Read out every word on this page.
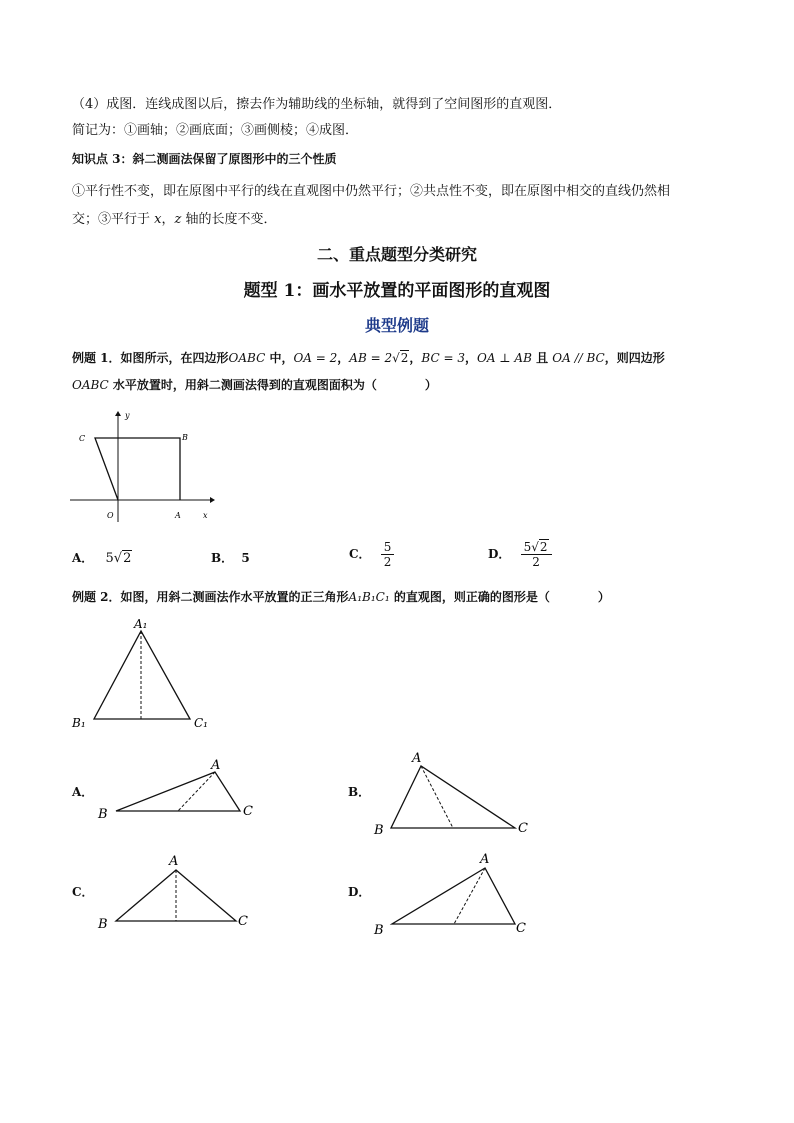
（4）成图．连线成图以后，擦去作为辅助线的坐标轴，就得到了空间图形的直观图．
简记为：①画轴；②画底面；③画侧棱；④成图．
知识点 3：斜二测画法保留了原图形中的三个性质
①平行性不变，即在原图中平行的线在直观图中仍然平行；②共点性不变，即在原图中相交的直线仍然相
交；③平行于 x，z 轴的长度不变．
二、重点题型分类研究
题型 1：画水平放置的平面图形的直观图
典型例题
例题 1．如图所示，在四边形OABC 中，OA = 2，AB = 2√2，BC = 3，OA ⊥ AB 且 OA // BC，则四边形
OABC 水平放置时，用斜二测画法得到的直观图面积为（　　　　）
y
x
C	B
O	A
A． 5√2	B． 5	C． $\frac{5}{2}$	D． $\frac{5√2}{2}$
例题 2．如图，用斜二测画法作水平放置的正三角形A₁B₁C₁ 的直观图，则正确的图形是（　　　　）
A₁
B₁	C₁
A．
A
B	C
B．
A
B	C
C．
A
B	C
D．
A
B	C
